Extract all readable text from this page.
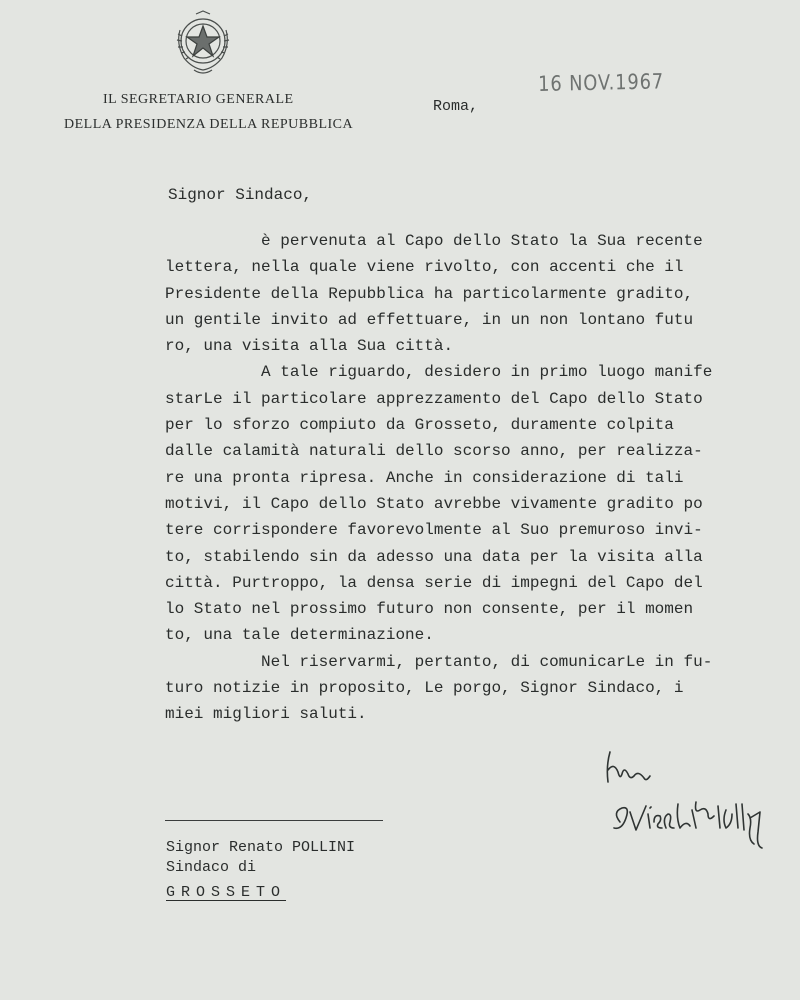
IL SEGRETARIO GENERALE
DELLA PRESIDENZA DELLA REPUBBLICA
Roma,
16 NOV.1967
Signor Sindaco,
è pervenuta al Capo dello Stato la Sua recente
lettera, nella quale viene rivolto, con accenti che il
Presidente della Repubblica ha particolarmente gradito,
un gentile invito ad effettuare, in un non lontano futu
ro, una visita alla Sua città.
A tale riguardo, desidero in primo luogo manife
starLe il particolare apprezzamento del Capo dello Stato
per lo sforzo compiuto da Grosseto, duramente colpita
dalle calamità naturali dello scorso anno, per realizza-
re una pronta ripresa. Anche in considerazione di tali
motivi, il Capo dello Stato avrebbe vivamente gradito po
tere corrispondere favorevolmente al Suo premuroso invi-
to, stabilendo sin da adesso una data per la visita alla
città. Purtroppo, la densa serie di impegni del Capo del
lo Stato nel prossimo futuro non consente, per il momen
to, una tale determinazione.
Nel riservarmi, pertanto, di comunicarLe in fu-
turo notizie in proposito, Le porgo, Signor Sindaco, i
miei migliori saluti.
Signor Renato POLLINI
Sindaco di
GROSSETO
